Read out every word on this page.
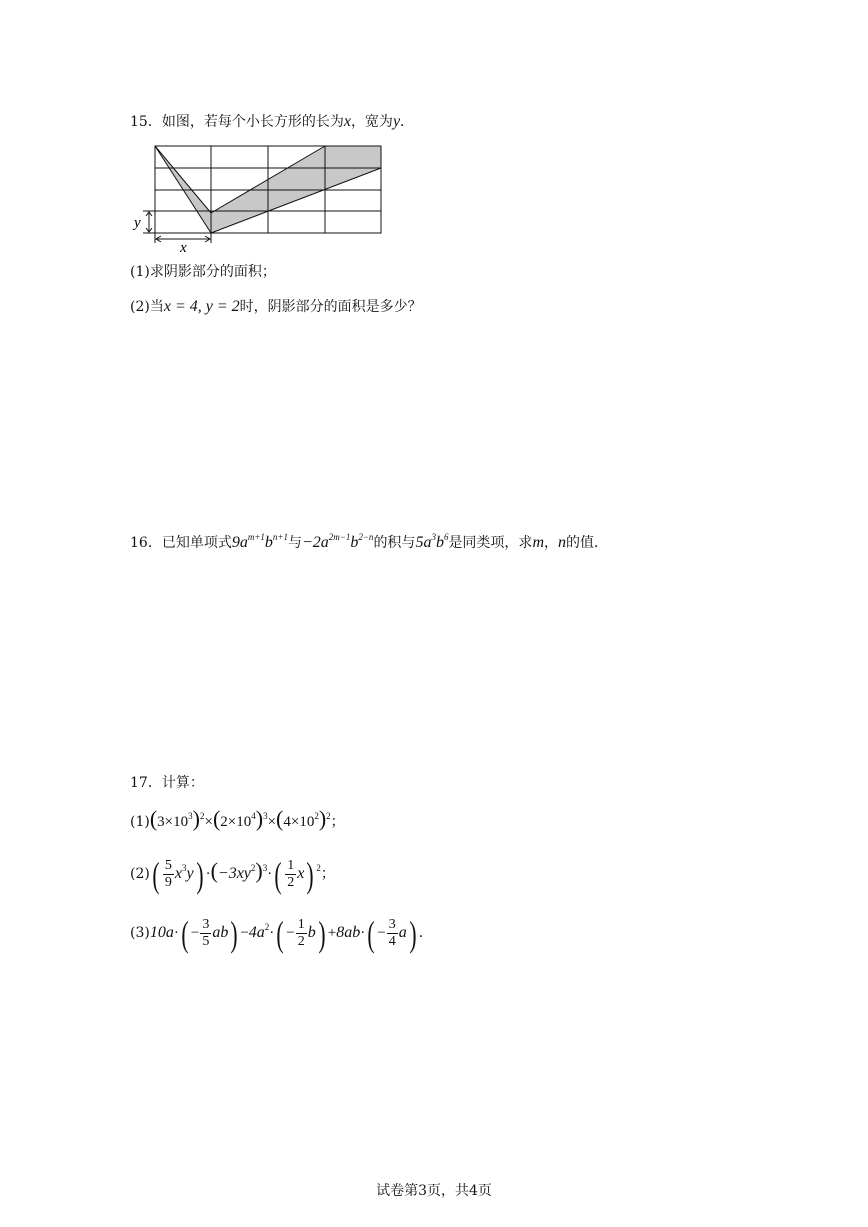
15．如图，若每个小长方形的长为x，宽为y．
y
x
(1)求阴影部分的面积；
(2)当x = 4, y = 2时，阴影部分的面积是多少？
16．已知单项式$9a^{m+1}b^{n+1}$与$-2a^{2m-1}b^{2-n}$的积与$5a^3b^6$是同类项，求m，n的值．
17．计算：
$(1)(3\times 10^3)^2\times(2\times 10^4)^3\times(4\times 10^2)^2$；
$(2)( \frac{5}{9} x^3y) \cdot(-3xy^2)^3\cdot( \frac{1}{2} x)$ $^2$；
$(3)10a\cdot( - \frac{3}{5} ab) -4a^2\cdot( - \frac{1}{2} b) +8ab\cdot( - \frac{3}{4} a)$ ．
试卷第3页，共4页
